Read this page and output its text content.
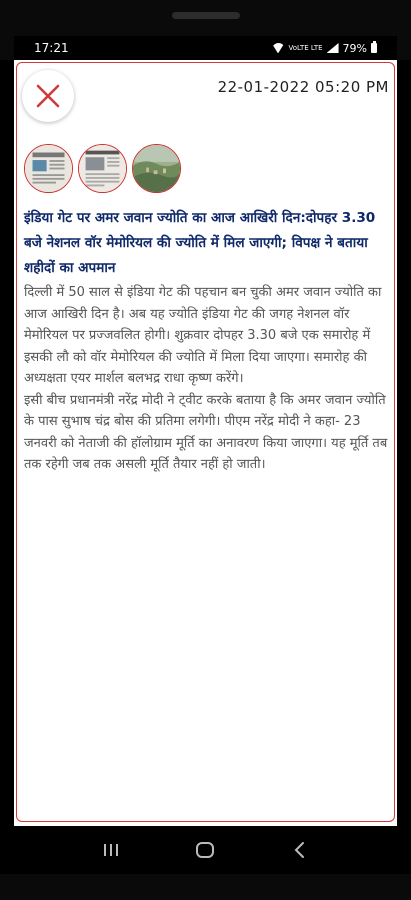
17:21	VoLTE LTE 79%
22-01-2022 05:20 PM
इंडिया गेट पर अमर जवान ज्योति का आज आखिरी दिन:दोपहर 3.30 बजे नेशनल वॉर मेमोरियल की ज्योति में मिल जाएगी; विपक्ष ने बताया शहीदों का अपमान

दिल्ली में 50 साल से इंडिया गेट की पहचान बन चुकी अमर जवान ज्योति का आज आखिरी दिन है। अब यह ज्योति इंडिया गेट की जगह नेशनल वॉर मेमोरियल पर प्रज्जवलित होगी। शुक्रवार दोपहर 3.30 बजे एक समारोह में इसकी लौ को वॉर मेमोरियल की ज्योति में मिला दिया जाएगा। समारोह की अध्यक्षता एयर मार्शल बलभद्र राधा कृष्ण करेंगे।

इसी बीच प्रधानमंत्री नरेंद्र मोदी ने ट्वीट करके बताया है कि अमर जवान ज्योति के पास सुभाष चंद्र बोस की प्रतिमा लगेगी। पीएम नरेंद्र मोदी ने कहा- 23 जनवरी को नेताजी की हॉलोग्राम मूर्ति का अनावरण किया जाएगा। यह मूर्ति तब तक रहेगी जब तक असली मूर्ति तैयार नहीं हो जाती।
